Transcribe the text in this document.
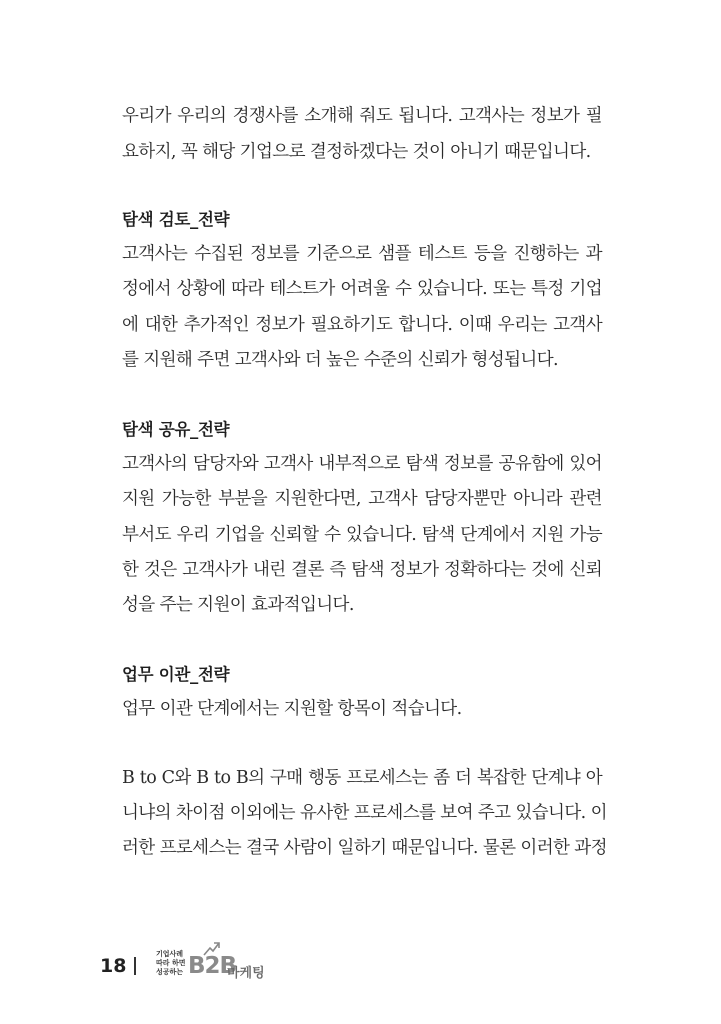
우리가 우리의 경쟁사를 소개해 줘도 됩니다. 고객사는 정보가 필
요하지, 꼭 해당 기업으로 결정하겠다는 것이 아니기 때문입니다.
탐색 검토_전략
고객사는 수집된 정보를 기준으로 샘플 테스트 등을 진행하는 과
정에서 상황에 따라 테스트가 어려울 수 있습니다. 또는 특정 기업
에 대한 추가적인 정보가 필요하기도 합니다. 이때 우리는 고객사
를 지원해 주면 고객사와 더 높은 수준의 신뢰가 형성됩니다.
탐색 공유_전략
고객사의 담당자와 고객사 내부적으로 탐색 정보를 공유함에 있어
지원 가능한 부분을 지원한다면, 고객사 담당자뿐만 아니라 관련
부서도 우리 기업을 신뢰할 수 있습니다. 탐색 단계에서 지원 가능
한 것은 고객사가 내린 결론 즉 탐색 정보가 정확하다는 것에 신뢰
성을 주는 지원이 효과적입니다.
업무 이관_전략
업무 이관 단계에서는 지원할 항목이 적습니다.
B to C와 B to B의 구매 행동 프로세스는 좀 더 복잡한 단계냐 아
니냐의 차이점 이외에는 유사한 프로세스를 보여 주고 있습니다. 이
러한 프로세스는 결국 사람이 일하기 때문입니다. 물론 이러한 과정
18
기업사례
따라 하면
성공하는 B2B
마케팅
